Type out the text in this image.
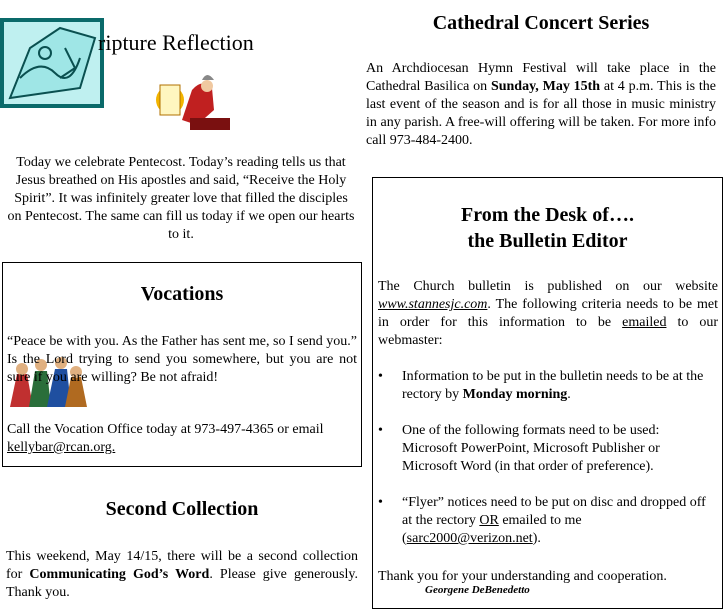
ripture Reflection
Today we celebrate Pentecost. Today’s reading tells us that Jesus breathed on His apostles and said, “Receive the Holy Spirit”. It was infinitely greater love that filled the disciples on Pentecost. The same can fill us today if we open our hearts to it.
Cathedral Concert Series
An Archdiocesan Hymn Festival will take place in the Cathedral Basilica on Sunday, May 15th at 4 p.m. This is the last event of the season and is for all those in music ministry in any parish. A free-will offering will be taken. For more info call 973-484-2400.
Vocations
“Peace be with you. As the Father has sent me, so I send you.” Is the Lord trying to send you somewhere, but you are not sure if you are willing? Be not afraid!
Call the Vocation Office today at 973-497-4365 or email kellybar@rcan.org.
Second Collection
This weekend, May 14/15, there will be a second collection for Communicating God’s Word. Please give generously. Thank you.
From the Desk of….
the Bulletin Editor
The Church bulletin is published on our website www.stannesjc.com. The following criteria needs to be met in order for this information to be emailed to our webmaster:
• Information to be put in the bulletin needs to be at the rectory by Monday morning.
• One of the following formats need to be used: Microsoft PowerPoint, Microsoft Publisher or Microsoft Word (in that order of preference).
• “Flyer” notices need to be put on disc and dropped off at the rectory OR emailed to me (sarc2000@verizon.net).
Thank you for your understanding and cooperation.
Georgene DeBenedetto
